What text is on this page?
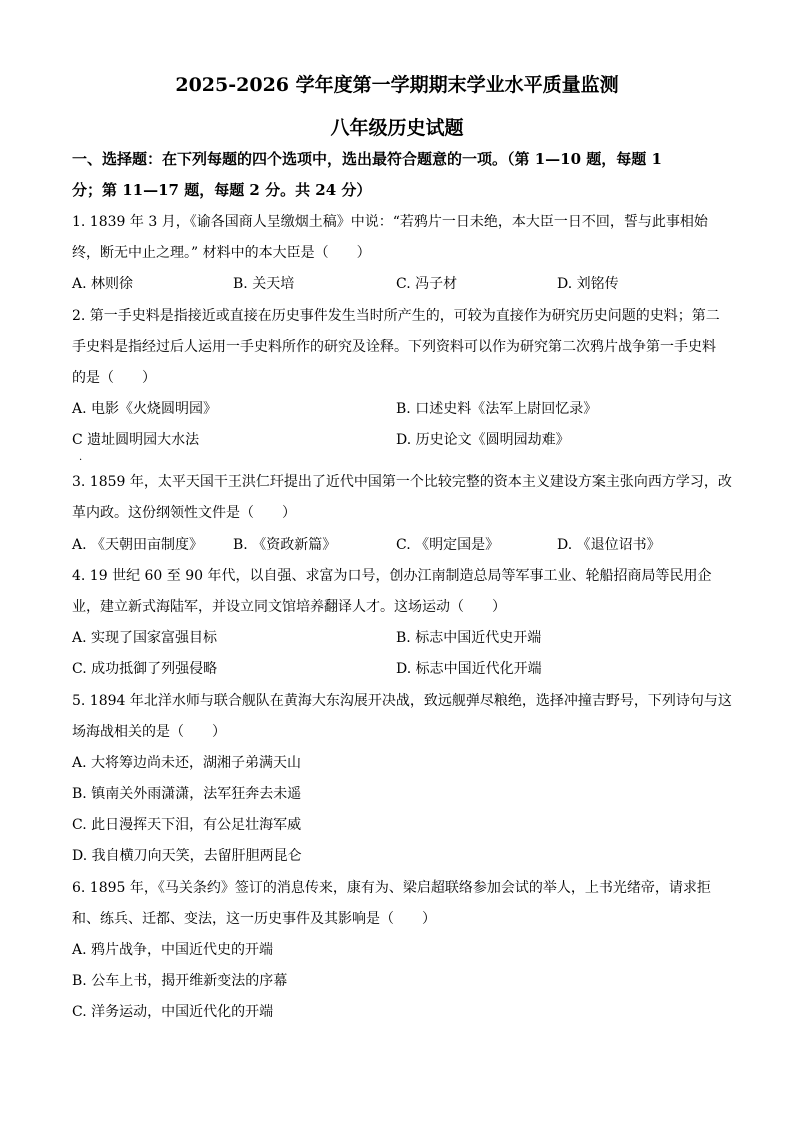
2025-2026 学年度第一学期期末学业水平质量监测
八年级历史试题
一、选择题：在下列每题的四个选项中，选出最符合题意的一项。（第 1—10 题，每题 1
分；第 11—17 题，每题 2 分。共 24 分）
1. 1839 年 3 月，《谕各国商人呈缴烟土稿》中说：“若鸦片一日未绝，本大臣一日不回，誓与此事相始
终，断无中止之理。” 材料中的本大臣是（　　）
A. 林则徐	B. 关天培	C. 冯子材	D. 刘铭传
2. 第一手史料是指接近或直接在历史事件发生当时所产生的，可较为直接作为研究历史问题的史料；第二
手史料是指经过后人运用一手史料所作的研究及诠释。下列资料可以作为研究第二次鸦片战争第一手史料
的是（　　）
A. 电影《火烧圆明园》	B. 口述史料《法军上尉回忆录》
C 遗址圆明园大水法	D. 历史论文《圆明园劫难》
.
3. 1859 年，太平天国干王洪仁玕提出了近代中国第一个比较完整的资本主义建设方案主张向西方学习，改
革内政。这份纲领性文件是（　　）
A. 《天朝田亩制度》 B. 《资政新篇》	C. 《明定国是》	D. 《退位诏书》
4. 19 世纪 60 至 90 年代，以自强、求富为口号，创办江南制造总局等军事工业、轮船招商局等民用企
业，建立新式海陆军，并设立同文馆培养翻译人才。这场运动（　　）
A. 实现了国家富强目标	B. 标志中国近代史开端
C. 成功抵御了列强侵略	D. 标志中国近代化开端
5. 1894 年北洋水师与联合舰队在黄海大东沟展开决战，致远舰弹尽粮绝，选择冲撞吉野号，下列诗句与这
场海战相关的是（　　）
A. 大将筹边尚未还，湖湘子弟满天山
B. 镇南关外雨潇潇，法军狂奔去未遥
C. 此日漫挥天下泪，有公足壮海军威
D. 我自横刀向天笑，去留肝胆两昆仑
6. 1895 年，《马关条约》签订的消息传来，康有为、梁启超联络参加会试的举人，上书光绪帝，请求拒
和、练兵、迁都、变法，这一历史事件及其影响是（　　）
A. 鸦片战争，中国近代史的开端
B. 公车上书，揭开维新变法的序幕
C. 洋务运动，中国近代化的开端
